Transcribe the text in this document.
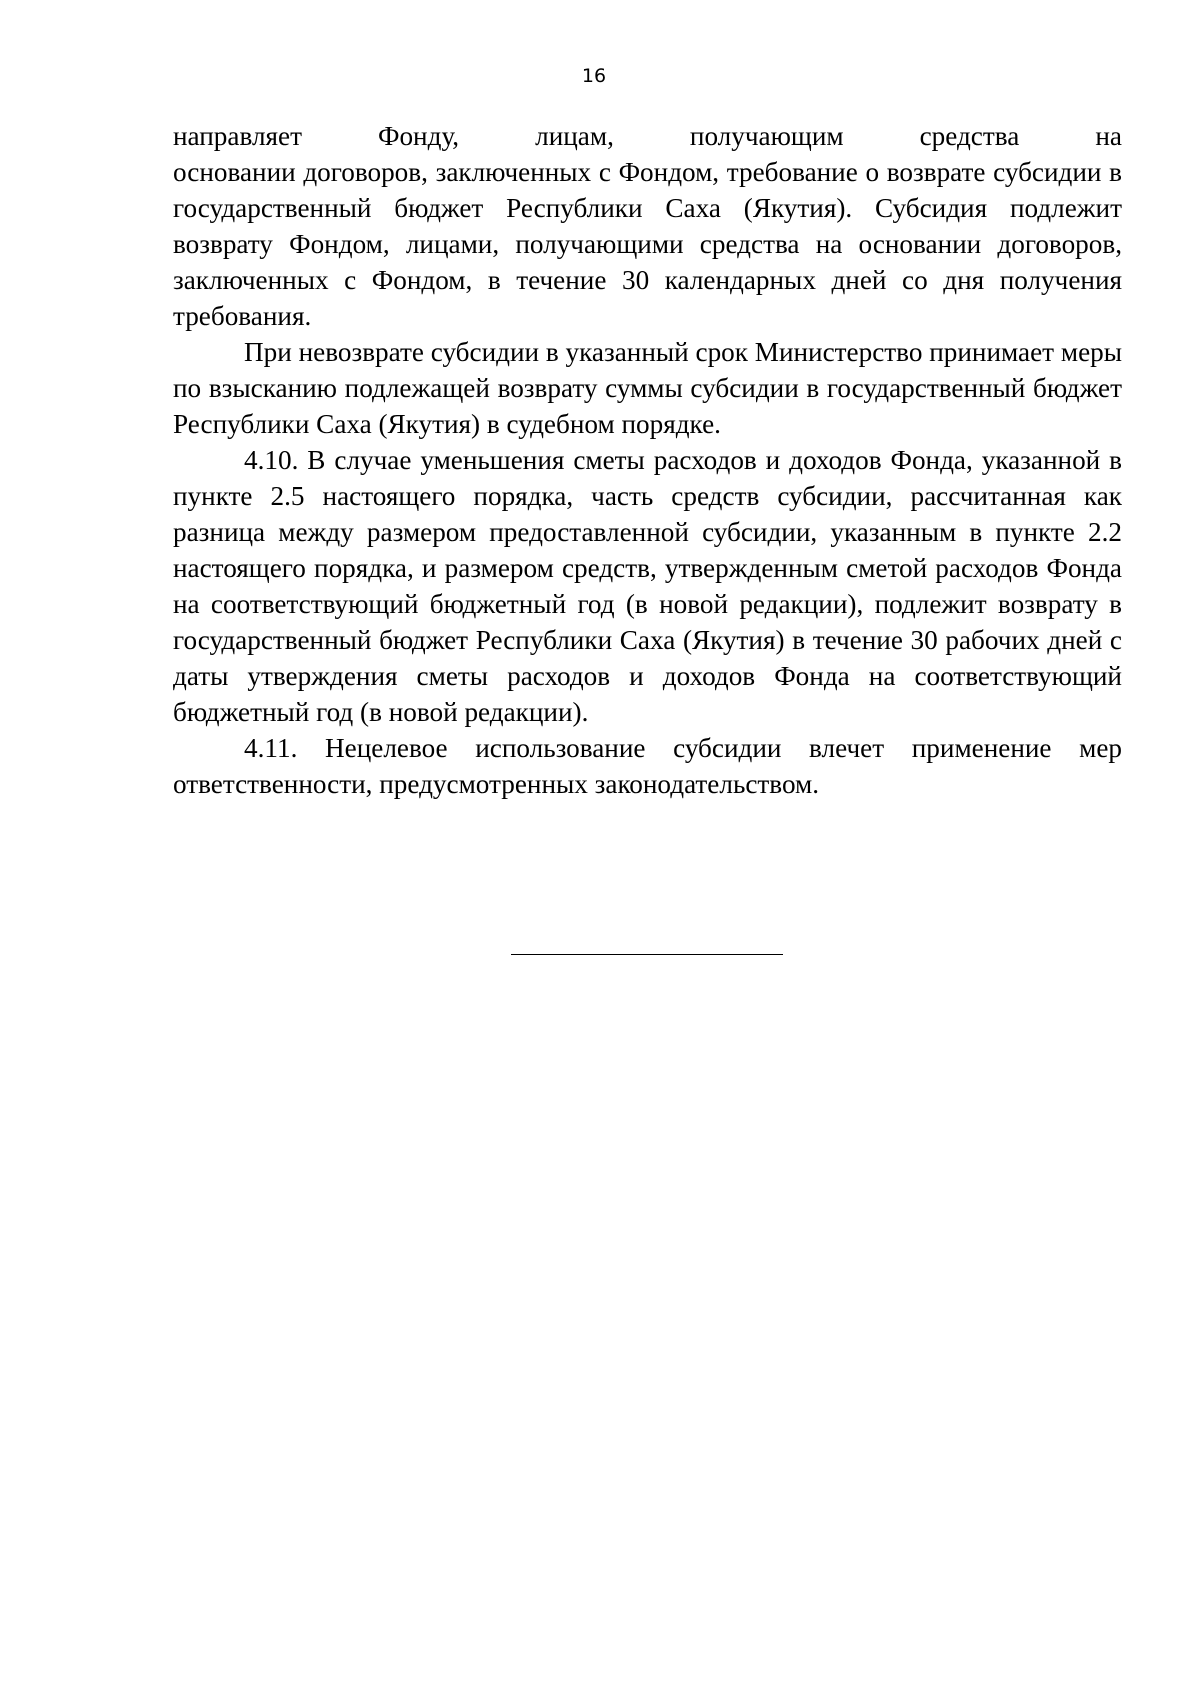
16
направляет	Фонду,	лицам,	получающим	средства	на

основании договоров, заключенных с Фондом, требование о возврате субсидии в государственный бюджет Республики Саха (Якутия). Субсидия подлежит возврату Фондом, лицами, получающими средства на основании договоров, заключенных с Фондом, в течение 30 календарных дней со дня получения требования.

При невозврате субсидии в указанный срок Министерство принимает меры по взысканию подлежащей возврату суммы субсидии в государственный бюджет Республики Саха (Якутия) в судебном порядке.

4.10. В случае уменьшения сметы расходов и доходов Фонда, указанной в пункте 2.5 настоящего порядка, часть средств субсидии, рассчитанная как разница между размером предоставленной субсидии, указанным в пункте 2.2 настоящего порядка, и размером средств, утвержденным сметой расходов Фонда на соответствующий бюджетный год (в новой редакции), подлежит возврату в государственный бюджет Республики Саха (Якутия) в течение 30 рабочих дней с даты утверждения сметы расходов и доходов Фонда на соответствующий бюджетный год (в новой редакции).

4.11. Нецелевое использование субсидии влечет применение мер ответственности, предусмотренных законодательством.
